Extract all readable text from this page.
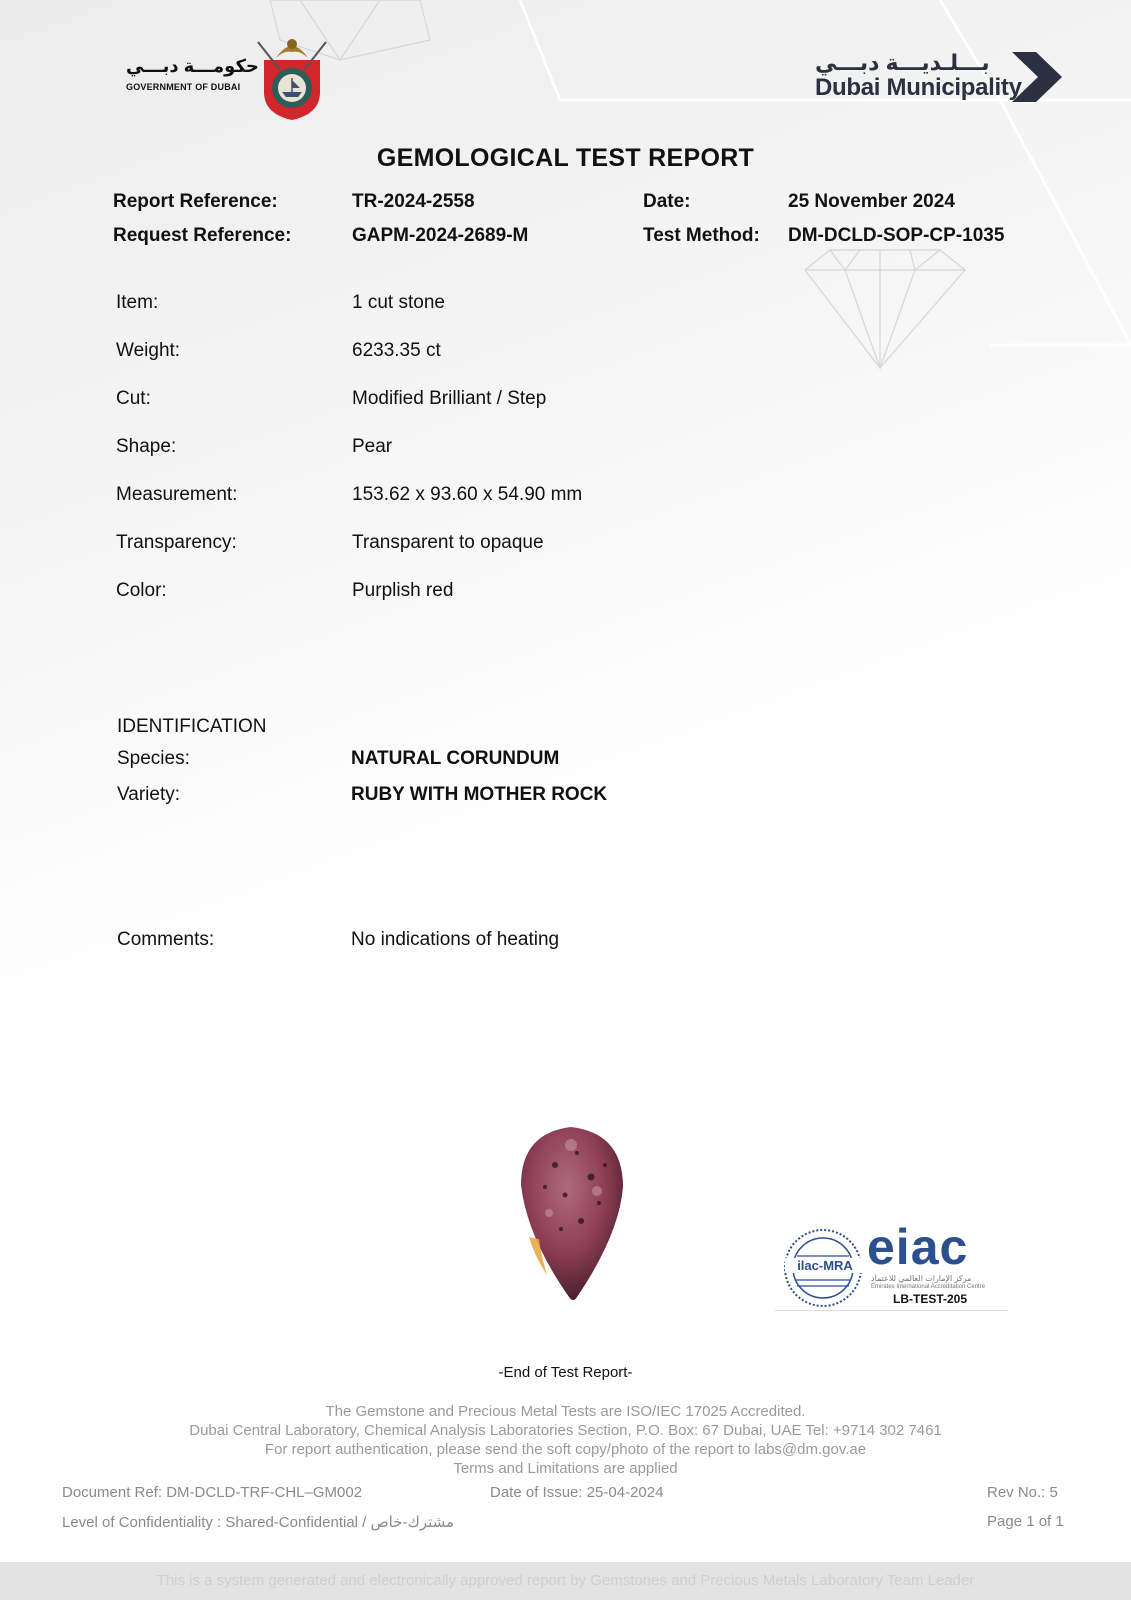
حكومـــة دبـــي
GOVERNMENT OF DUBAI
بـــلـديـــة دبـــي
Dubai Municipality
GEMOLOGICAL TEST REPORT
Report Reference:	TR-2024-2558	Date:	25 November 2024
Request Reference:	GAPM-2024-2689-M	Test Method: DM-DCLD-SOP-CP-1035
Item:	1 cut stone
Weight:	6233.35 ct
Cut:	Modified Brilliant / Step
Shape:	Pear
Measurement:	153.62 x 93.60 x 54.90 mm
Transparency:	Transparent to opaque
Color:	Purplish red
IDENTIFICATION
Species:	NATURAL CORUNDUM
Variety:	RUBY WITH MOTHER ROCK
Comments:	No indications of heating
ilac-MRA eiac
مركز الإمارات العالمي للاعتماد
Emirates International Accreditation Centre
LB-TEST-205
-End of Test Report-
The Gemstone and Precious Metal Tests are ISO/IEC 17025 Accredited.
Dubai Central Laboratory, Chemical Analysis Laboratories Section, P.O. Box: 67 Dubai, UAE Tel: +9714 302 7461
For report authentication, please send the soft copy/photo of the report to labs@dm.gov.ae
Terms and Limitations are applied
Document Ref: DM-DCLD-TRF-CHL–GM002	Date of Issue: 25-04-2024	Rev No.: 5
Level of Confidentiality : Shared-Confidential / مشترك-خاص	Page 1 of 1
This is a system generated and electronically approved report by Gemstones and Precious Metals Laboratory Team Leader
